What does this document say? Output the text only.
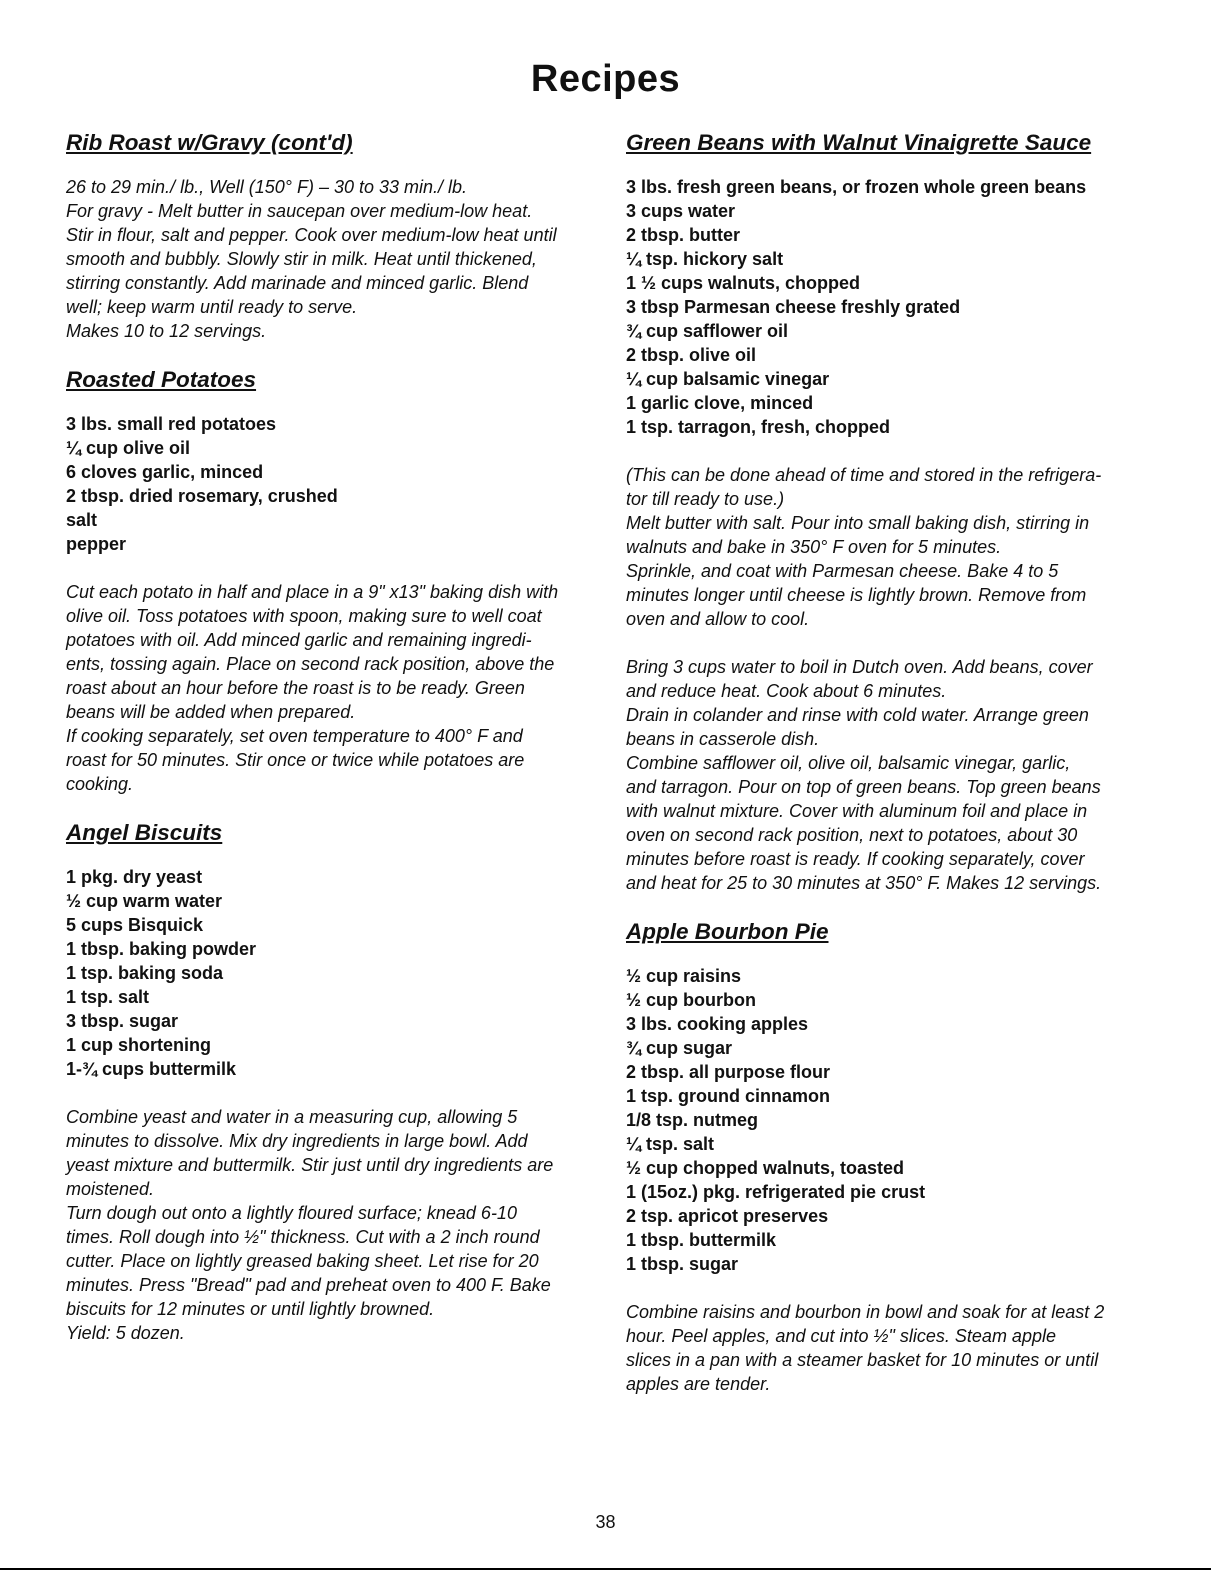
Recipes
Rib Roast w/Gravy (cont'd)
26 to 29 min./ lb., Well (150° F) – 30 to 33 min./ lb.
For gravy - Melt butter in saucepan over medium-low heat.
Stir in flour, salt and pepper. Cook over medium-low heat until
smooth and bubbly. Slowly stir in milk. Heat until thickened,
stirring constantly. Add marinade and minced garlic. Blend
well; keep warm until ready to serve.
Makes 10 to 12 servings.
Roasted Potatoes
3 lbs. small red potatoes
¼ cup olive oil
6 cloves garlic, minced
2 tbsp. dried rosemary, crushed
salt
pepper
Cut each potato in half and place in a 9" x13" baking dish with
olive oil. Toss potatoes with spoon, making sure to well coat
potatoes with oil. Add minced garlic and remaining ingredi-
ents, tossing again. Place on second rack position, above the
roast about an hour before the roast is to be ready. Green
beans will be added when prepared.
If cooking separately, set oven temperature to 400° F and
roast for 50 minutes. Stir once or twice while potatoes are
cooking.
Angel Biscuits
1 pkg. dry yeast
½ cup warm water
5 cups Bisquick
1 tbsp. baking powder
1 tsp. baking soda
1 tsp. salt
3 tbsp. sugar
1 cup shortening
1-¾ cups buttermilk
Combine yeast and water in a measuring cup, allowing 5
minutes to dissolve. Mix dry ingredients in large bowl. Add
yeast mixture and buttermilk. Stir just until dry ingredients are
moistened.
Turn dough out onto a lightly floured surface; knead 6-10
times. Roll dough into ½" thickness. Cut with a 2 inch round
cutter. Place on lightly greased baking sheet. Let rise for 20
minutes. Press "Bread" pad and preheat oven to 400 F. Bake
biscuits for 12 minutes or until lightly browned.
Yield: 5 dozen.
Green Beans with Walnut Vinaigrette Sauce
3 lbs. fresh green beans, or frozen whole green beans
3 cups water
2 tbsp. butter
¼ tsp. hickory salt
1 ½ cups walnuts, chopped
3 tbsp Parmesan cheese freshly grated
¾ cup safflower oil
2 tbsp. olive oil
¼ cup balsamic vinegar
1 garlic clove, minced
1 tsp. tarragon, fresh, chopped
(This can be done ahead of time and stored in the refrigera-
tor till ready to use.)
Melt butter with salt. Pour into small baking dish, stirring in
walnuts and bake in 350° F oven for 5 minutes.
Sprinkle, and coat with Parmesan cheese. Bake 4 to 5
minutes longer until cheese is lightly brown. Remove from
oven and allow to cool.
Bring 3 cups water to boil in Dutch oven. Add beans, cover
and reduce heat. Cook about 6 minutes.
Drain in colander and rinse with cold water. Arrange green
beans in casserole dish.
Combine safflower oil, olive oil, balsamic vinegar, garlic,
and tarragon. Pour on top of green beans. Top green beans
with walnut mixture. Cover with aluminum foil and place in
oven on second rack position, next to potatoes, about 30
minutes before roast is ready. If cooking separately, cover
and heat for 25 to 30 minutes at 350° F. Makes 12 servings.
Apple Bourbon Pie
½ cup raisins
½ cup bourbon
3 lbs. cooking apples
¾ cup sugar
2 tbsp. all purpose flour
1 tsp. ground cinnamon
1/8 tsp. nutmeg
¼ tsp. salt
½ cup chopped walnuts, toasted
1 (15oz.) pkg. refrigerated pie crust
2 tsp. apricot preserves
1 tbsp. buttermilk
1 tbsp. sugar
Combine raisins and bourbon in bowl and soak for at least 2
hour. Peel apples, and cut into ½" slices. Steam apple
slices in a pan with a steamer basket for 10 minutes or until
apples are tender.
38
